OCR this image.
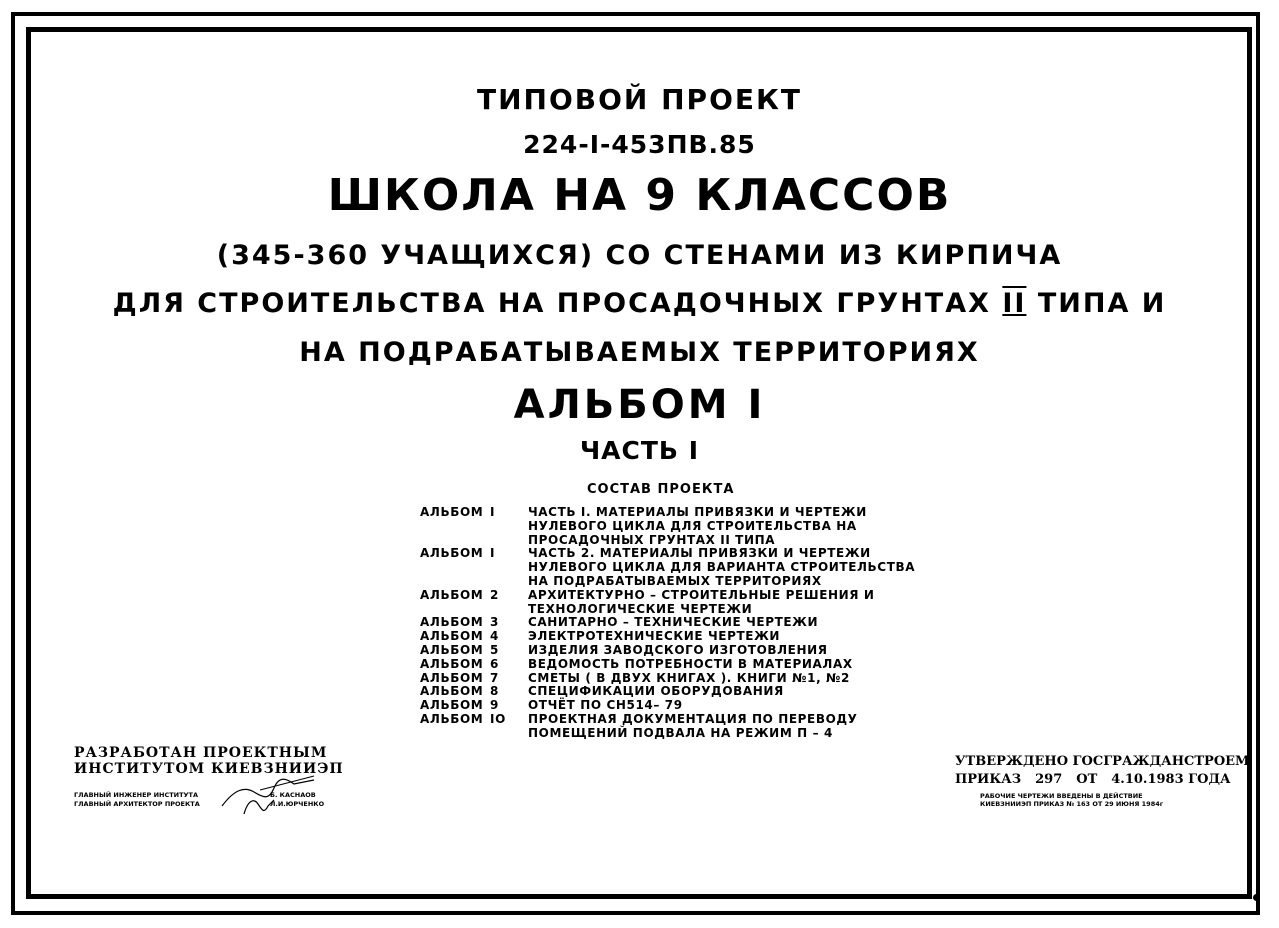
ТИПОВОЙ ПРОЕКТ
224-I-453ПВ.85
ШКОЛА НА 9 КЛАССОВ
(345-360 УЧАЩИХСЯ) СО СТЕНАМИ ИЗ КИРПИЧА
ДЛЯ СТРОИТЕЛЬСТВА НА ПРОСАДОЧНЫХ ГРУНТАХ II ТИПА И
НА ПОДРАБАТЫВАЕМЫХ ТЕРРИТОРИЯХ
АЛЬБОМ I
ЧАСТЬ I
СОСТАВ ПРОЕКТА
АЛЬБОМ I	ЧАСТЬ I. МАТЕРИАЛЫ ПРИВЯЗКИ И ЧЕРТЕЖИ
НУЛЕВОГО ЦИКЛА ДЛЯ СТРОИТЕЛЬСТВА НА
ПРОСАДОЧНЫХ ГРУНТАХ II ТИПА
АЛЬБОМ I	ЧАСТЬ 2. МАТЕРИАЛЫ ПРИВЯЗКИ И ЧЕРТЕЖИ
НУЛЕВОГО ЦИКЛА ДЛЯ ВАРИАНТА СТРОИТЕЛЬСТВА
НА ПОДРАБАТЫВАЕМЫХ ТЕРРИТОРИЯХ
АЛЬБОМ 2	АРХИТЕКТУРНО – СТРОИТЕЛЬНЫЕ РЕШЕНИЯ И
ТЕХНОЛОГИЧЕСКИЕ ЧЕРТЕЖИ
АЛЬБОМ 3	САНИТАРНО – ТЕХНИЧЕСКИЕ ЧЕРТЕЖИ
АЛЬБОМ 4	ЭЛЕКТРОТЕХНИЧЕСКИЕ ЧЕРТЕЖИ
АЛЬБОМ 5	ИЗДЕЛИЯ ЗАВОДСКОГО ИЗГОТОВЛЕНИЯ
АЛЬБОМ 6	ВЕДОМОСТЬ ПОТРЕБНОСТИ В МАТЕРИАЛАХ
АЛЬБОМ 7	СМЕТЫ ( В ДВУХ КНИГАХ ). КНИГИ №1, №2
АЛЬБОМ 8	СПЕЦИФИКАЦИИ ОБОРУДОВАНИЯ
АЛЬБОМ 9	ОТЧЁТ ПО СН514– 79
АЛЬБОМ IO	ПРОЕКТНАЯ ДОКУМЕНТАЦИЯ ПО ПЕРЕВОДУ
ПОМЕЩЕНИЙ ПОДВАЛА НА РЕЖИМ П – 4
РАЗРАБОТАН ПРОЕКТНЫМ
ИНСТИТУТОМ КИЕВЗНИИЭП
ГЛАВНЫЙ ИНЖЕНЕР ИНСТИТУТА	Б. КАСНАОВ
ГЛАВНЫЙ АРХИТЕКТОР ПРОЕКТА	Л.И.ЮРЧЕНКО
УТВЕРЖДЕНО ГОСГРАЖДАНСТРОЕМ
ПРИКАЗ 297 ОТ 4.10.1983 ГОДА
РАБОЧИЕ ЧЕРТЕЖИ ВВЕДЕНЫ В ДЕЙСТВИЕ
КИЕВЗНИИЭП ПРИКАЗ № 163 ОТ 29 ИЮНЯ 1984г
